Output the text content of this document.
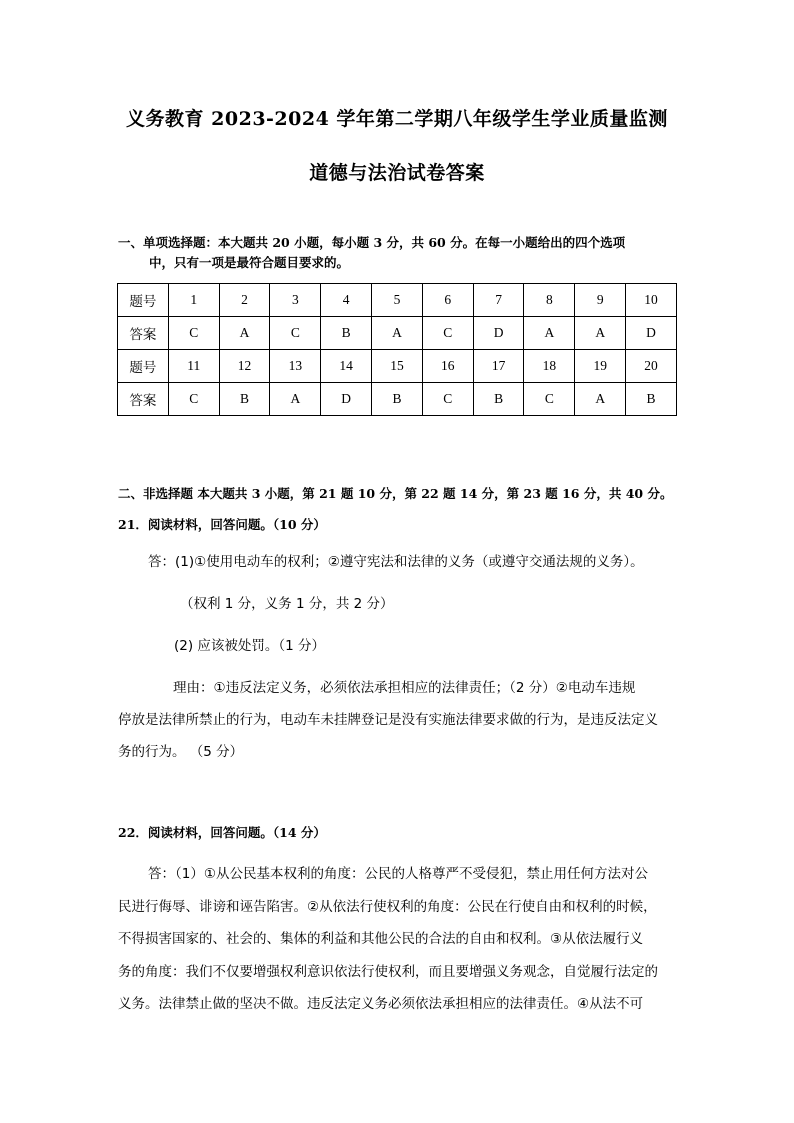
义务教育 2023-2024 学年第二学期八年级学生学业质量监测
道德与法治试卷答案
一、单项选择题：本大题共 20 小题，每小题 3 分，共 60 分。在每一小题给出的四个选项
中，只有一项是最符合题目要求的。
题号	1	2	3	4	5	6	7	8	9	10
答案	C	A	C	B	A	C	D	A	A	D
题号	11	12	13	14	15	16	17	18	19	20
答案	C	B	A	D	B	C	B	C	A	B
二、非选择题 本大题共 3 小题，第 21 题 10 分，第 22 题 14 分，第 23 题 16 分，共 40 分。
21．阅读材料，回答问题。（10 分）
答：(1)①使用电动车的权利；②遵守宪法和法律的义务（或遵守交通法规的义务）。
（权利 1 分，义务 1 分，共 2 分）
(2) 应该被处罚。（1 分）
理由：①违反法定义务，必须依法承担相应的法律责任；（2 分）②电动车违规
停放是法律所禁止的行为，电动车未挂牌登记是没有实施法律要求做的行为，是违反法定义
务的行为。 （5 分）
22．阅读材料，回答问题。（14 分）
答：（1）①从公民基本权利的角度：公民的人格尊严不受侵犯，禁止用任何方法对公
民进行侮辱、诽谤和诬告陷害。②从依法行使权利的角度：公民在行使自由和权利的时候，
不得损害国家的、社会的、集体的利益和其他公民的合法的自由和权利。③从依法履行义
务的角度：我们不仅要增强权利意识依法行使权利，而且要增强义务观念，自觉履行法定的
义务。法律禁止做的坚决不做。违反法定义务必须依法承担相应的法律责任。④从法不可
